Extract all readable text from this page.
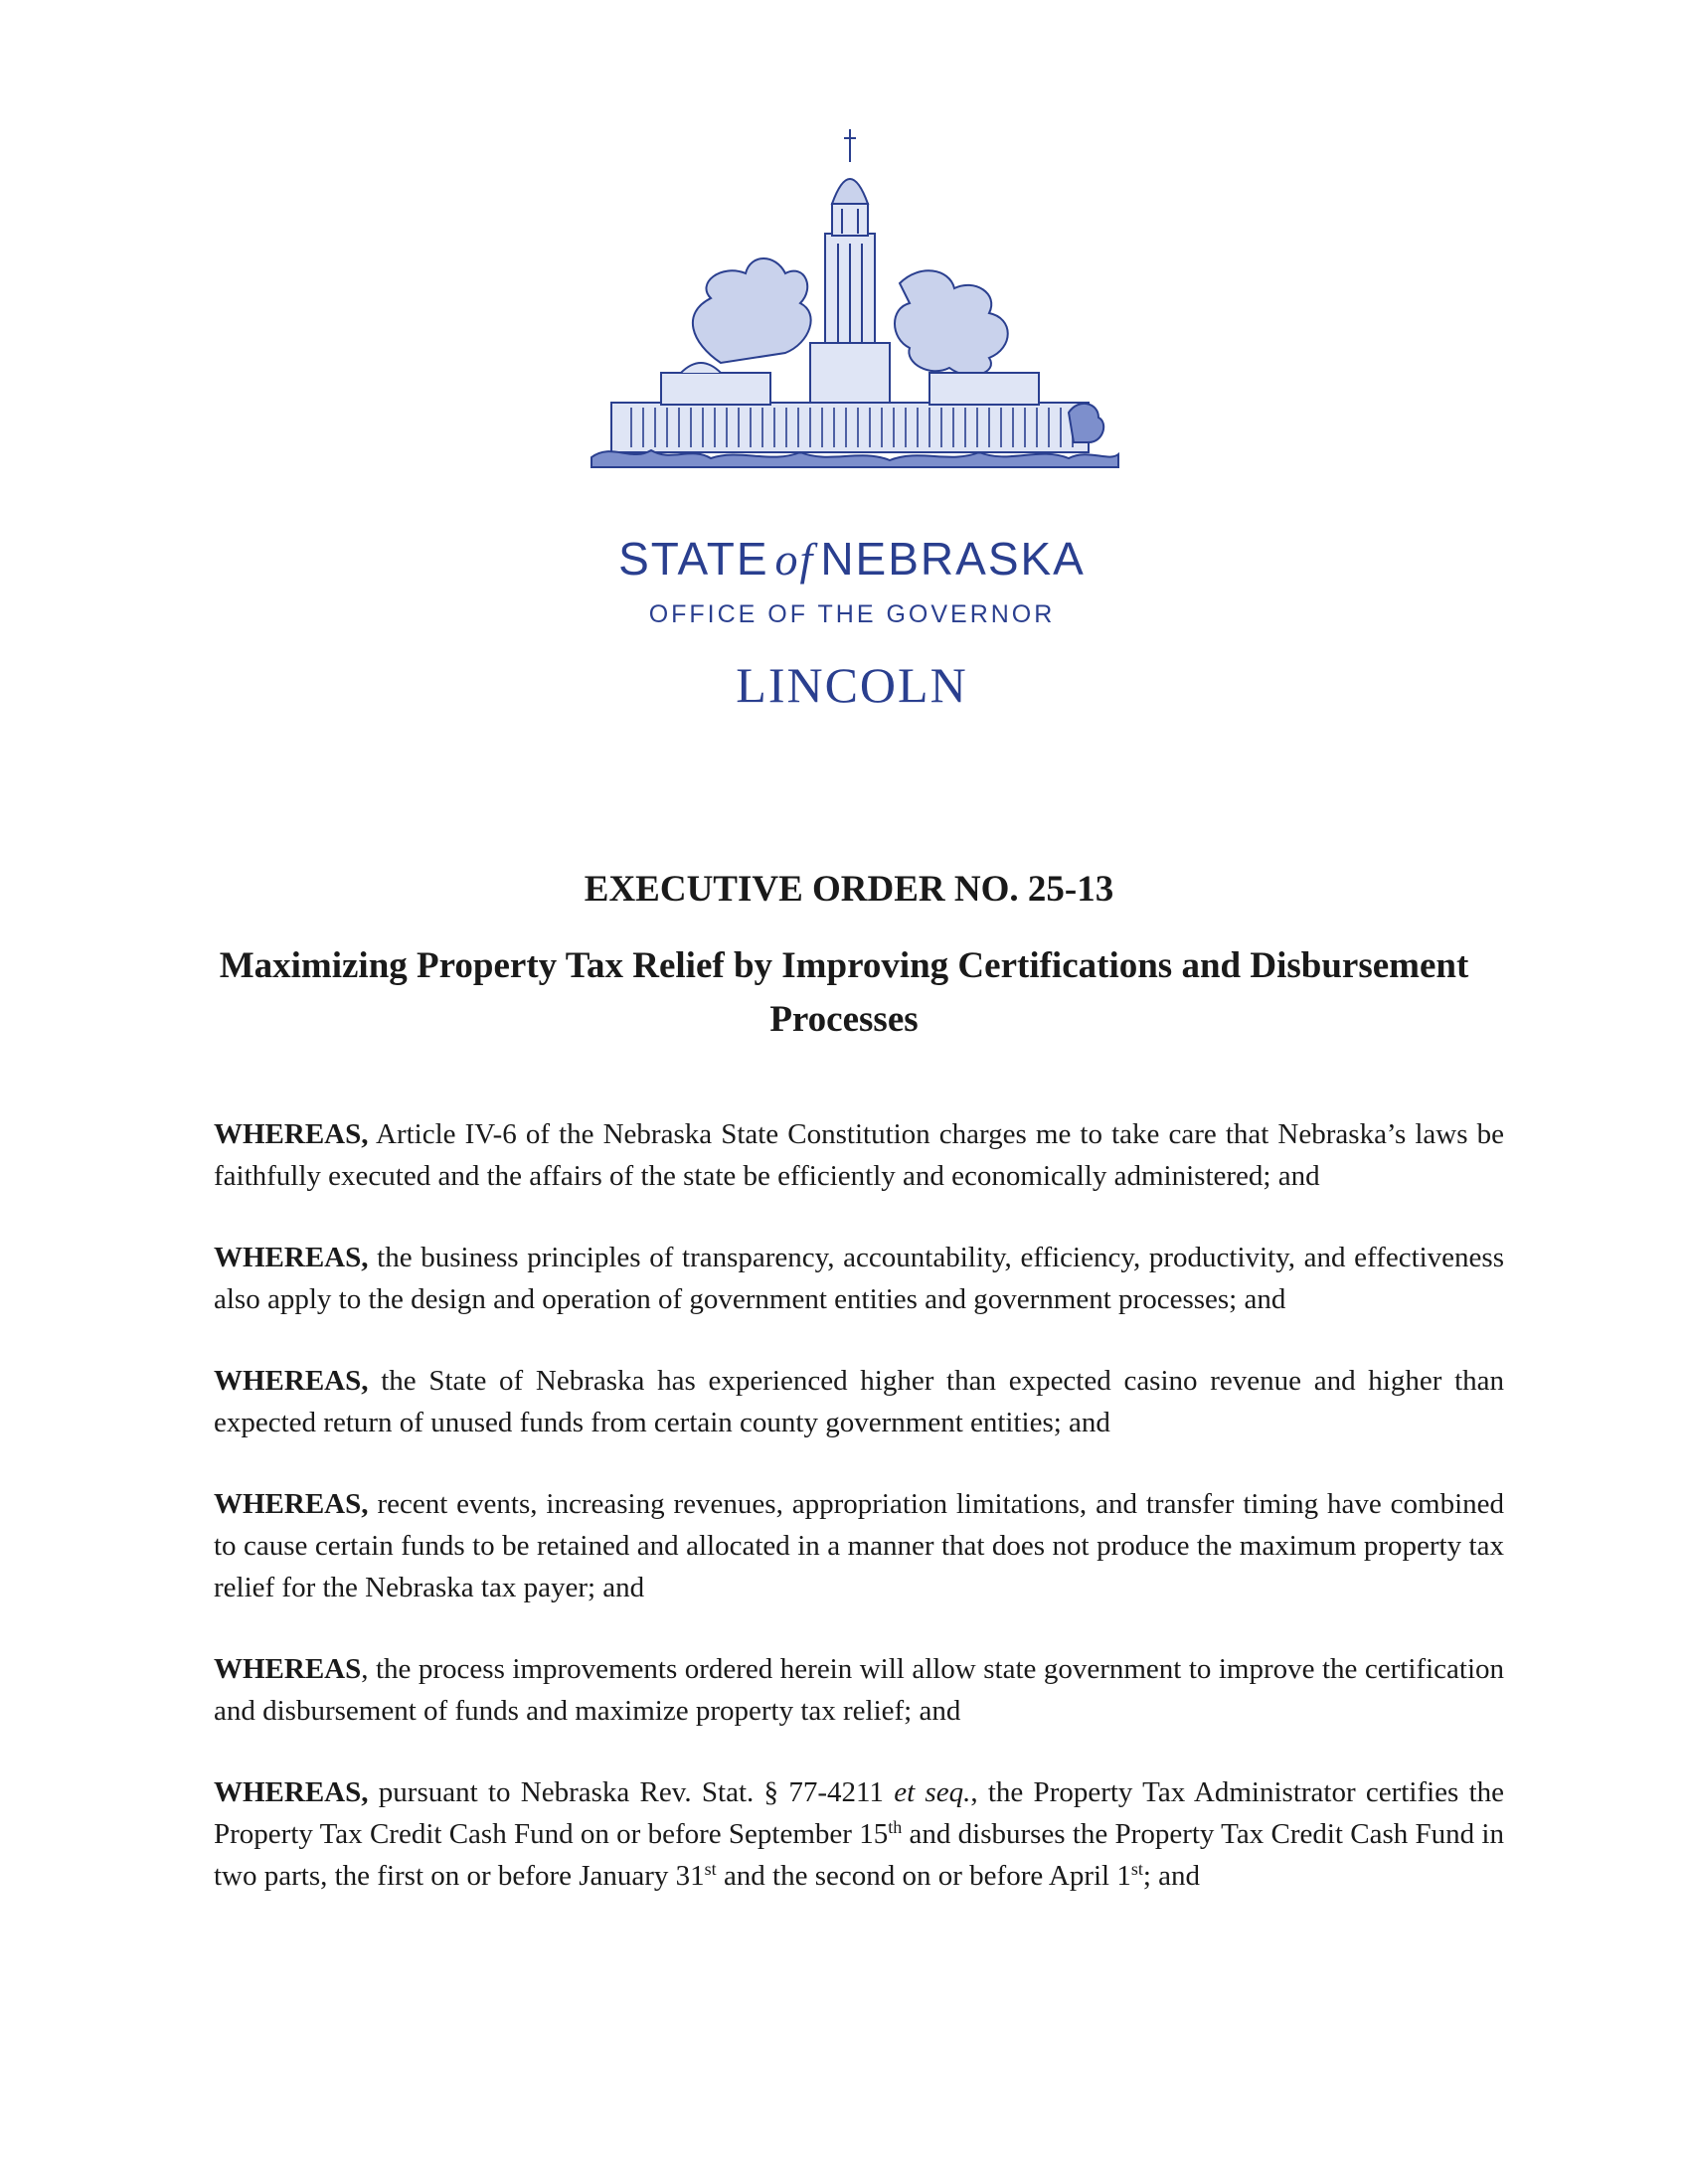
STATE of NEBRASKA
OFFICE OF THE GOVERNOR
LINCOLN
EXECUTIVE ORDER NO. 25-13
Maximizing Property Tax Relief by Improving Certifications and Disbursement Processes

WHEREAS, Article IV-6 of the Nebraska State Constitution charges me to take care that Nebraska’s laws be faithfully executed and the affairs of the state be efficiently and economically administered; and

WHEREAS, the business principles of transparency, accountability, efficiency, productivity, and effectiveness also apply to the design and operation of government entities and government processes; and

WHEREAS, the State of Nebraska has experienced higher than expected casino revenue and higher than expected return of unused funds from certain county government entities; and

WHEREAS, recent events, increasing revenues, appropriation limitations, and transfer timing have combined to cause certain funds to be retained and allocated in a manner that does not produce the maximum property tax relief for the Nebraska tax payer; and

WHEREAS, the process improvements ordered herein will allow state government to improve the certification and disbursement of funds and maximize property tax relief; and

WHEREAS, pursuant to Nebraska Rev. Stat. § 77-4211 et seq., the Property Tax Administrator certifies the Property Tax Credit Cash Fund on or before September 15th and disburses the Property Tax Credit Cash Fund in two parts, the first on or before January 31st and the second on or before April 1st; and
